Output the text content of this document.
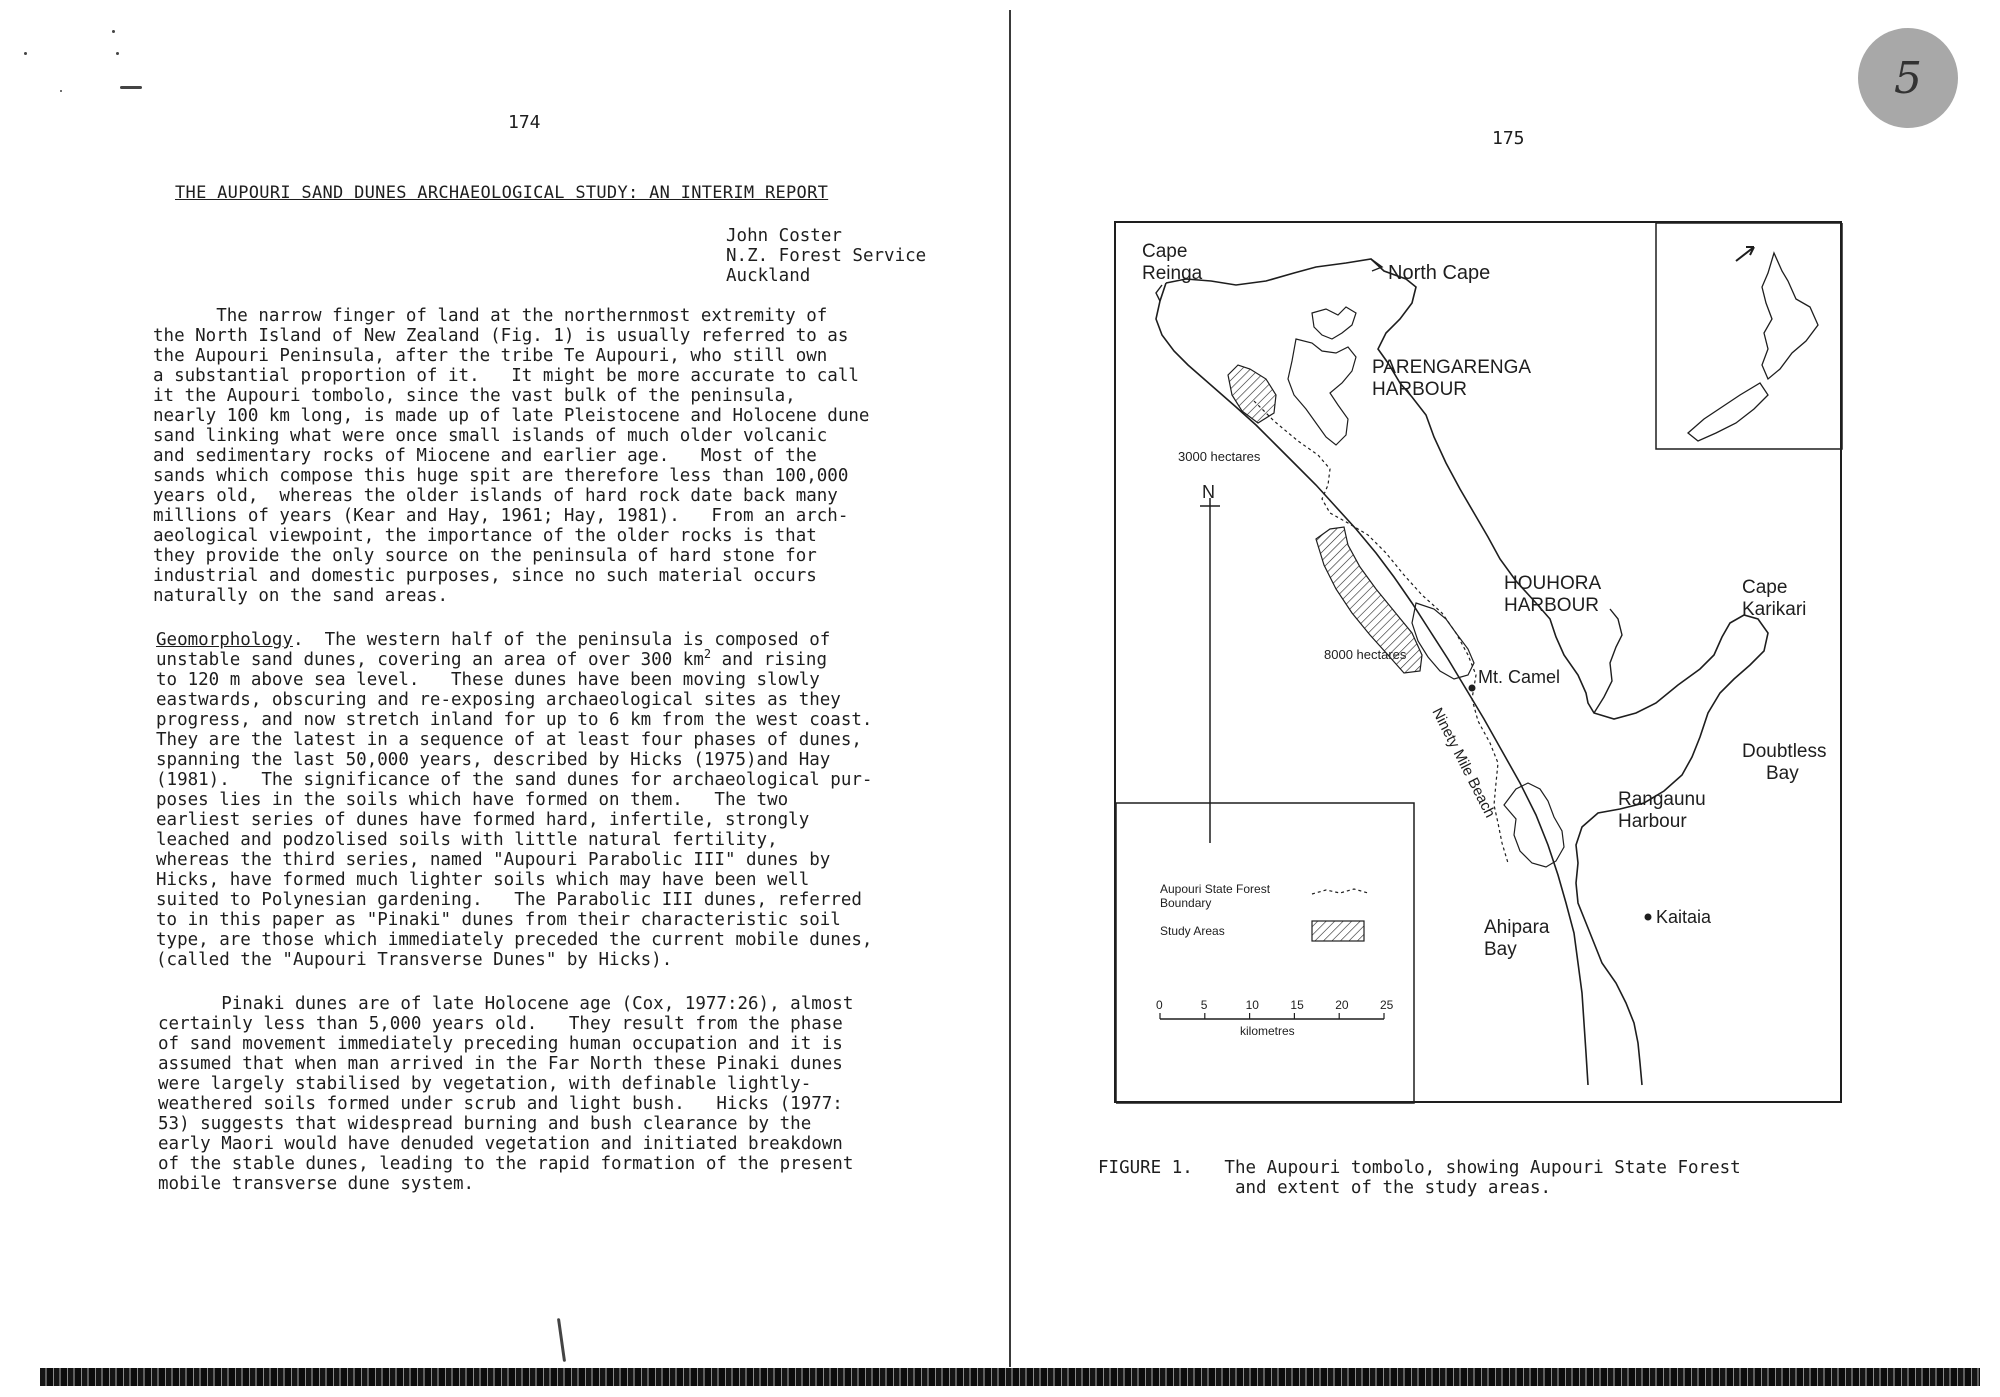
174
THE AUPOURI SAND DUNES ARCHAEOLOGICAL STUDY: AN INTERIM REPORT
John Coster
N.Z. Forest Service
Auckland
The narrow finger of land at the northernmost extremity of
the North Island of New Zealand (Fig. 1) is usually referred to as
the Aupouri Peninsula, after the tribe Te Aupouri, who still own
a substantial proportion of it.   It might be more accurate to call
it the Aupouri tombolo, since the vast bulk of the peninsula,
nearly 100 km long, is made up of late Pleistocene and Holocene dune
sand linking what were once small islands of much older volcanic
and sedimentary rocks of Miocene and earlier age.   Most of the
sands which compose this huge spit are therefore less than 100,000
years old,  whereas the older islands of hard rock date back many
millions of years (Kear and Hay, 1961; Hay, 1981).   From an arch-
aeological viewpoint, the importance of the older rocks is that
they provide the only source on the peninsula of hard stone for
industrial and domestic purposes, since no such material occurs
naturally on the sand areas.
Geomorphology.  The western half of the peninsula is composed of
unstable sand dunes, covering an area of over 300 $km^2$ and rising
to 120 m above sea level.   These dunes have been moving slowly
eastwards, obscuring and re-exposing archaeological sites as they
progress, and now stretch inland for up to 6 km from the west coast.
They are the latest in a sequence of at least four phases of dunes,
spanning the last 50,000 years, described by Hicks (1975)and Hay
(1981).   The significance of the sand dunes for archaeological pur-
poses lies in the soils which have formed on them.   The two
earliest series of dunes have formed hard, infertile, strongly
leached and podzolised soils with little natural fertility,
whereas the third series, named "Aupouri Parabolic III" dunes by
Hicks, have formed much lighter soils which may have been well
suited to Polynesian gardening.   The Parabolic III dunes, referred
to in this paper as "Pinaki" dunes from their characteristic soil
type, are those which immediately preceded the current mobile dunes,
(called the "Aupouri Transverse Dunes" by Hicks).
Pinaki dunes are of late Holocene age (Cox, 1977:26), almost
certainly less than 5,000 years old.   They result from the phase
of sand movement immediately preceding human occupation and it is
assumed that when man arrived in the Far North these Pinaki dunes
were largely stabilised by vegetation, with definable lightly-
weathered soils formed under scrub and light bush.   Hicks (1977:
53) suggests that widespread burning and bush clearance by the
early Maori would have denuded vegetation and initiated breakdown
of the stable dunes, leading to the rapid formation of the present
mobile transverse dune system.
175
5
0	5	10	15	20	25
Cape
Reinga	North Cape
PARENGARENGA
HARBOUR
3000 hectares
8000 hectares
N
HOUHORA
HARBOUR
Cape
Karikari
Mt. Camel
Ninety Mile Beach	Doubtless
Bay
Rangaunu
Harbour
Ahipara
Bay
Kaitaia
Aupouri State Forest
Boundary
Study Areas
kilometres
FIGURE 1.   The Aupouri tombolo, showing Aupouri State Forest
and extent of the study areas.
